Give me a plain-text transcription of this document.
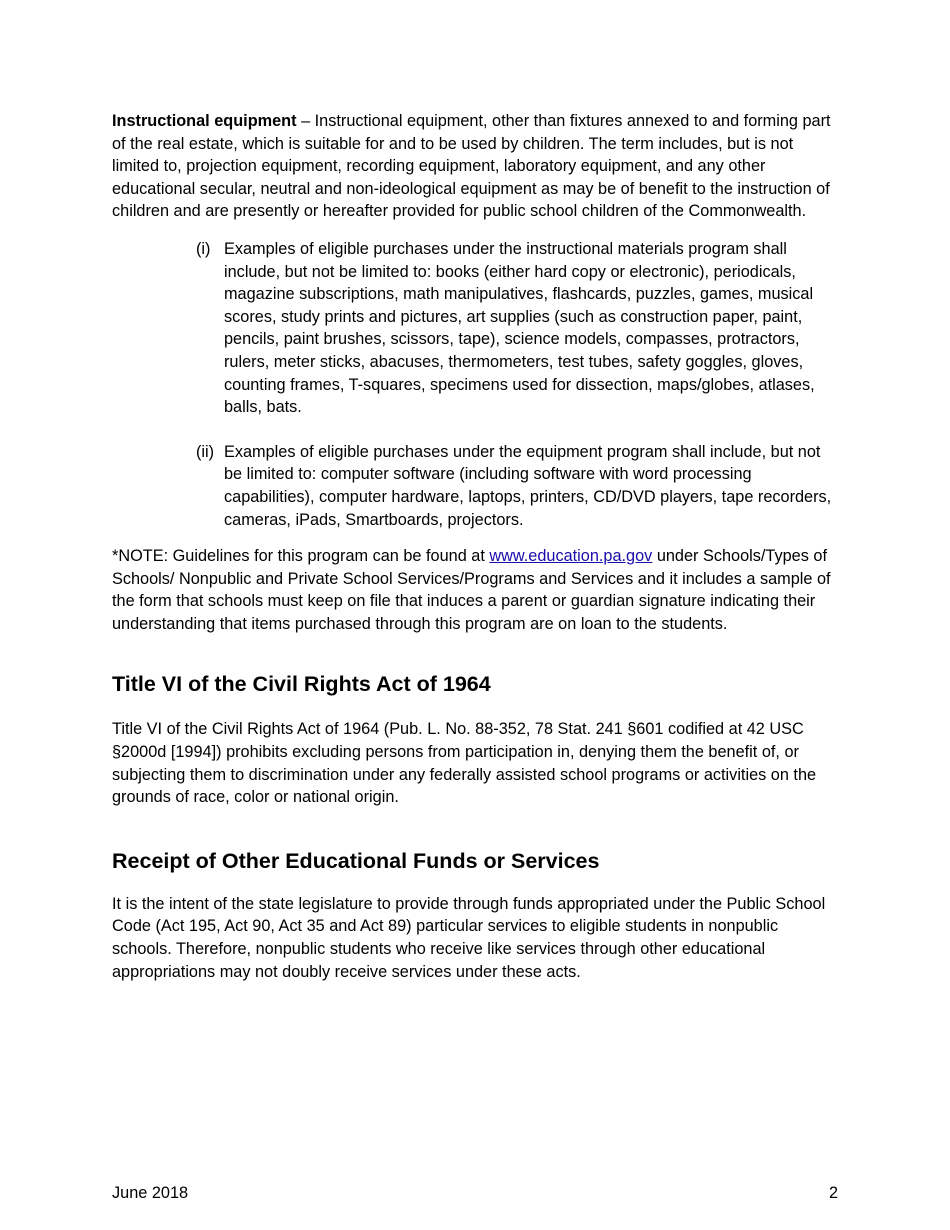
Instructional equipment – Instructional equipment, other than fixtures annexed to and forming part of the real estate, which is suitable for and to be used by children. The term includes, but is not limited to, projection equipment, recording equipment, laboratory equipment, and any other educational secular, neutral and non-ideological equipment as may be of benefit to the instruction of children and are presently or hereafter provided for public school children of the Commonwealth.

(i) Examples of eligible purchases under the instructional materials program shall include, but not be limited to: books (either hard copy or electronic), periodicals, magazine subscriptions, math manipulatives, flashcards, puzzles, games, musical scores, study prints and pictures, art supplies (such as construction paper, paint, pencils, paint brushes, scissors, tape), science models, compasses, protractors, rulers, meter sticks, abacuses, thermometers, test tubes, safety goggles, gloves, counting frames, T-squares, specimens used for dissection, maps/globes, atlases, balls, bats.

(ii) Examples of eligible purchases under the equipment program shall include, but not be limited to: computer software (including software with word processing capabilities), computer hardware, laptops, printers, CD/DVD players, tape recorders, cameras, iPads, Smartboards, projectors.

*NOTE: Guidelines for this program can be found at www.education.pa.gov under Schools/Types of Schools/ Nonpublic and Private School Services/Programs and Services and it includes a sample of the form that schools must keep on file that induces a parent or guardian signature indicating their understanding that items purchased through this program are on loan to the students.

Title VI of the Civil Rights Act of 1964

Title VI of the Civil Rights Act of 1964 (Pub. L. No. 88-352, 78 Stat. 241 §601 codified at 42 USC §2000d [1994]) prohibits excluding persons from participation in, denying them the benefit of, or subjecting them to discrimination under any federally assisted school programs or activities on the grounds of race, color or national origin.

Receipt of Other Educational Funds or Services

It is the intent of the state legislature to provide through funds appropriated under the Public School Code (Act 195, Act 90, Act 35 and Act 89) particular services to eligible students in nonpublic schools. Therefore, nonpublic students who receive like services through other educational appropriations may not doubly receive services under these acts.

June 2018	2
